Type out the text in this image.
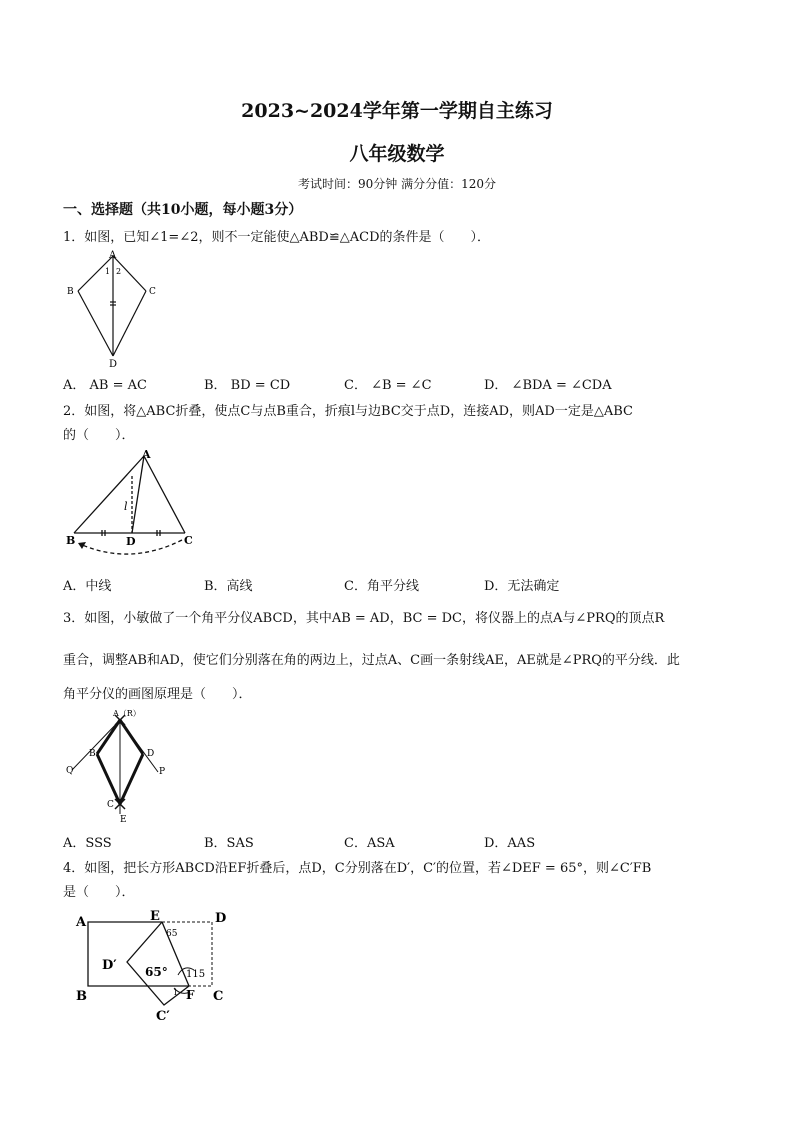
2023~2024学年第一学期自主练习
八年级数学
考试时间：90分钟 满分分值：120分
一、选择题（共10小题，每小题3分）
1．如图，已知∠1=∠2，则不一定能使△ABD≌△ACD的条件是（　　）．
A
B	C
D
1 2
A． AB = AC	B． BD = CD	C． ∠B = ∠C	D． ∠BDA = ∠CDA
2．如图，将△ABC折叠，使点C与点B重合，折痕l与边BC交于点D，连接AD，则AD一定是△ABC
的（　　）．
A
B	D	C
l
A．中线	B．高线	C．角平分线	D．无法确定
3．如图，小敏做了一个角平分仪ABCD，其中AB = AD，BC = DC，将仪器上的点A与∠PRQ的顶点R
重合，调整AB和AD，使它们分别落在角的两边上，过点A、C画一条射线AE，AE就是∠PRQ的平分线．此
角平分仪的画图原理是（　　）．
A（R）
B	D
Q	P
C
E
A．SSS	B．SAS	C．ASA	D．AAS
4．如图，把长方形ABCD沿EF折叠后，点D，C分别落在D′，C′的位置，若∠DEF = 65°，则∠C′FB
是（　　）．
A	E	D
B	C
D′
C′
F
65°
65
115
1
